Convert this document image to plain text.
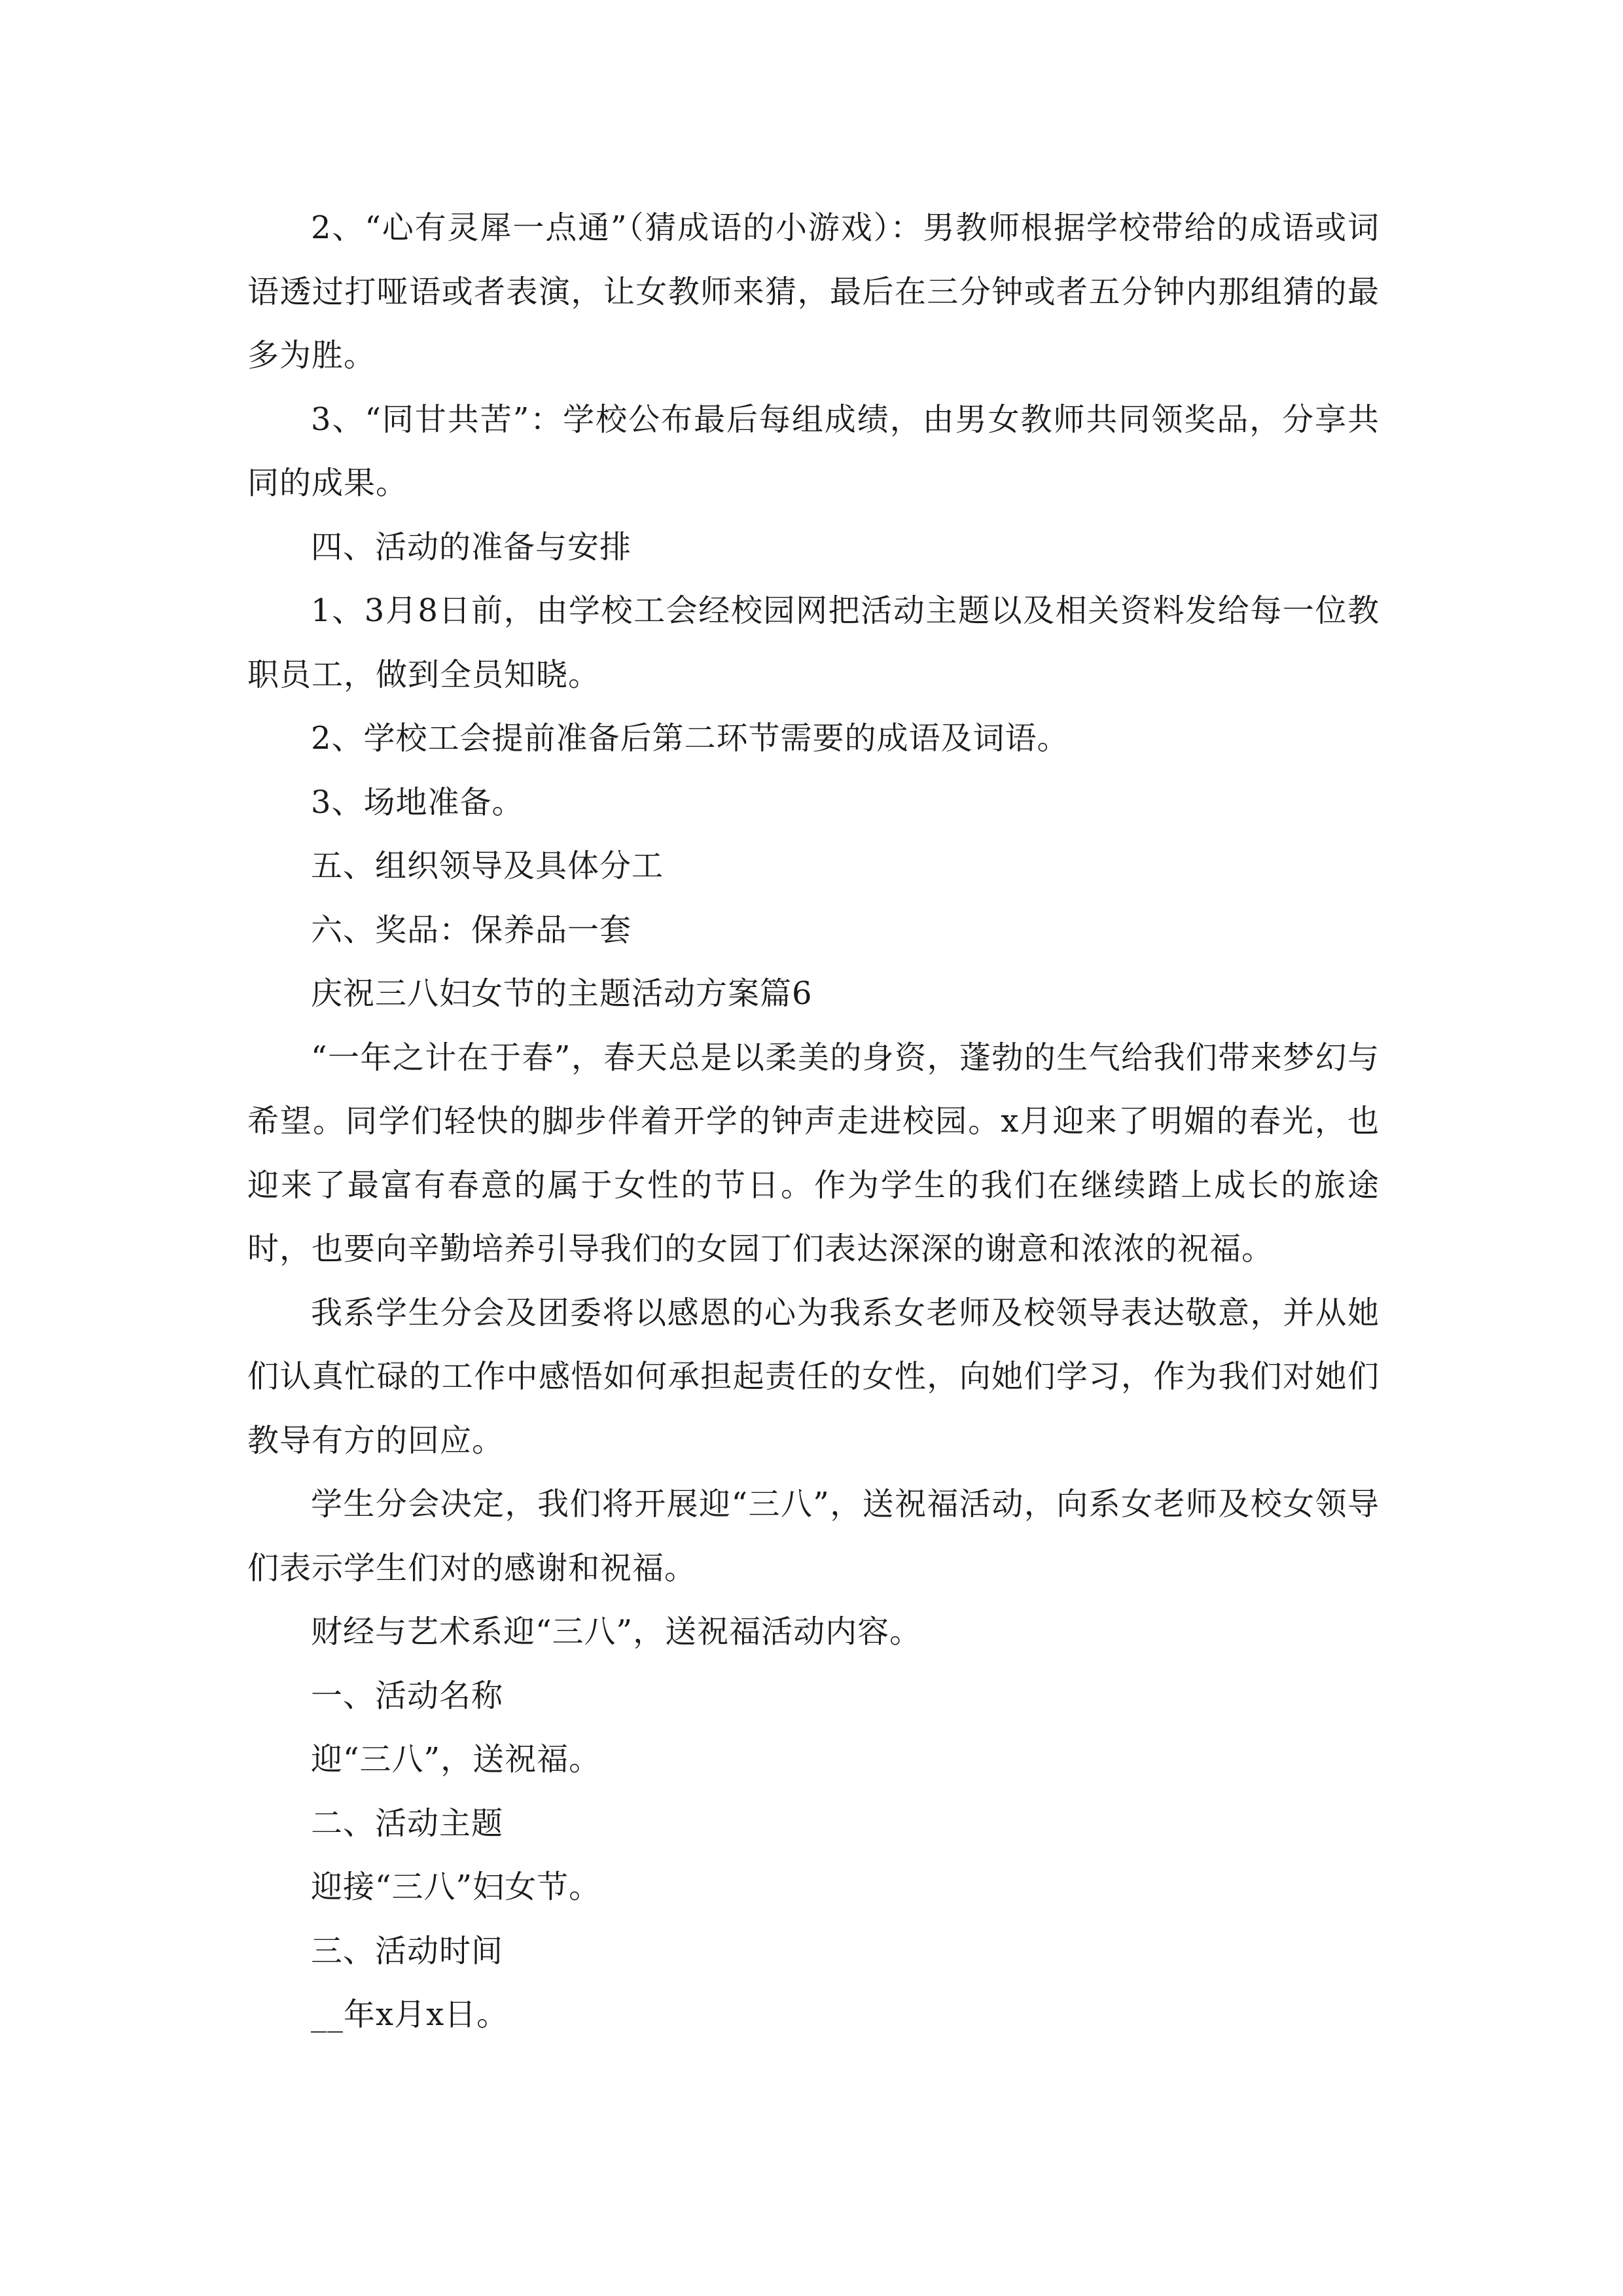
2、“心有灵犀一点通”（猜成语的小游戏）：男教师根据学校带给的成语或词语透过打哑语或者表演，让女教师来猜，最后在三分钟或者五分钟内那组猜的最多为胜。

3、“同甘共苦”：学校公布最后每组成绩，由男女教师共同领奖品，分享共同的成果。

四、活动的准备与安排

1、3月8日前，由学校工会经校园网把活动主题以及相关资料发给每一位教职员工，做到全员知晓。

2、学校工会提前准备后第二环节需要的成语及词语。

3、场地准备。

五、组织领导及具体分工

六、奖品：保养品一套

庆祝三八妇女节的主题活动方案篇6

“一年之计在于春”，春天总是以柔美的身资，蓬勃的生气给我们带来梦幻与希望。同学们轻快的脚步伴着开学的钟声走进校园。x月迎来了明媚的春光，也迎来了最富有春意的属于女性的节日。作为学生的我们在继续踏上成长的旅途时，也要向辛勤培养引导我们的女园丁们表达深深的谢意和浓浓的祝福。

我系学生分会及团委将以感恩的心为我系女老师及校领导表达敬意，并从她们认真忙碌的工作中感悟如何承担起责任的女性，向她们学习，作为我们对她们教导有方的回应。

学生分会决定，我们将开展迎“三八”，送祝福活动，向系女老师及校女领导们表示学生们对的感谢和祝福。

财经与艺术系迎“三八”，送祝福活动内容。

一、活动名称

迎“三八”，送祝福。

二、活动主题

迎接“三八”妇女节。

三、活动时间

__年x月x日。
